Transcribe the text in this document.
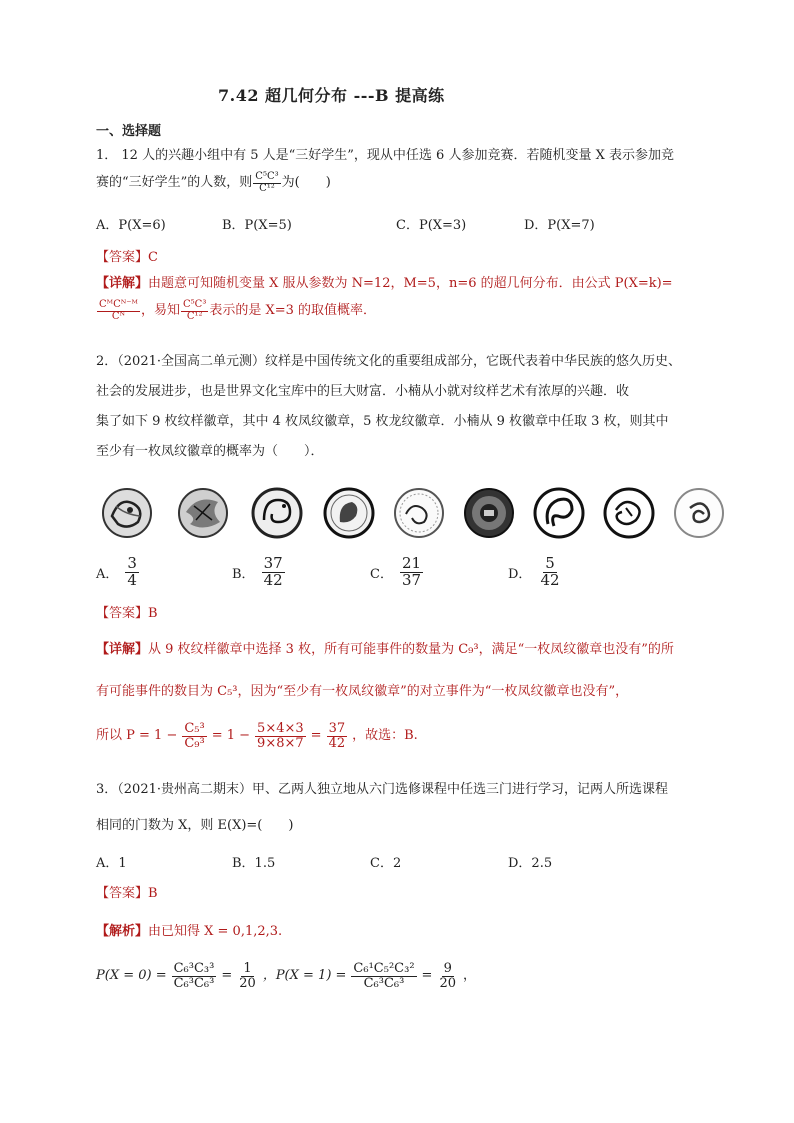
7.42 超几何分布 ---B 提高练
一、选择题
1． 12 人的兴趣小组中有 5 人是“三好学生”，现从中任选 6 人参加竞赛．若随机变量 X 表示参加竞
赛的“三好学生”的人数，则 $\frac{\text{C⁵C³}}{\text{C¹²}}$ 为(　　)
A．P(X=6)	B．P(X=5)	C．P(X=3)	D．P(X=7)
【答案】C
【详解】由题意可知随机变量 X 服从参数为 N=12，M=5，n=6 的超几何分布．由公式 P(X=k)=
$\frac{\text{CᴹCᴺ⁻ᴹ}}{\text{Cᴺ}}$ ，易知 $\frac{\text{C⁵C³}}{\text{C¹²}}$ 表示的是 X=3 的取值概率．
2．（2021·全国高二单元测）纹样是中国传统文化的重要组成部分，它既代表着中华民族的悠久历史、
社会的发展进步，也是世界文化宝库中的巨大财富．小楠从小就对纹样艺术有浓厚的兴趣．收
集了如下 9 枚纹样徽章，其中 4 枚凤纹徽章，5 枚龙纹徽章．小楠从 9 枚徽章中任取 3 枚，则其中
至少有一枚凤纹徽章的概率为（　　）．
A． $\frac{3}{4}$	B． $\frac{37}{42}$	C． $\frac{21}{37}$	D． $\frac{5}{42}$
【答案】B
【详解】从 9 枚纹样徽章中选择 3 枚，所有可能事件的数量为 C₉³，满足“一枚凤纹徽章也没有”的所
有可能事件的数目为 C₅³，因为“至少有一枚凤纹徽章”的对立事件为“一枚凤纹徽章也没有”，
所以 $P = 1 - \frac{\text{C₅³}}{\text{C₉³}} = 1 - \frac{5\times 4\times 3}{9\times 8\times 7} = \frac{37}{42}$ ，故选：B.
3．（2021·贵州高二期末）甲、乙两人独立地从六门选修课程中任选三门进行学习，记两人所选课程
相同的门数为 X，则 E(X)=(　　)
A．1	B．1.5	C．2	D．2.5
【答案】B
【解析】由已知得 X = 0,1,2,3.
$P(X = 0) = \frac{\text{C₆³C₃³}}{\text{C₆³C₆³}} = \frac{1}{20}$ ，$P(X = 1) = \frac{\text{C₆¹C₅²C₃²}}{\text{C₆³C₆³}} = \frac{9}{20}$ ，
